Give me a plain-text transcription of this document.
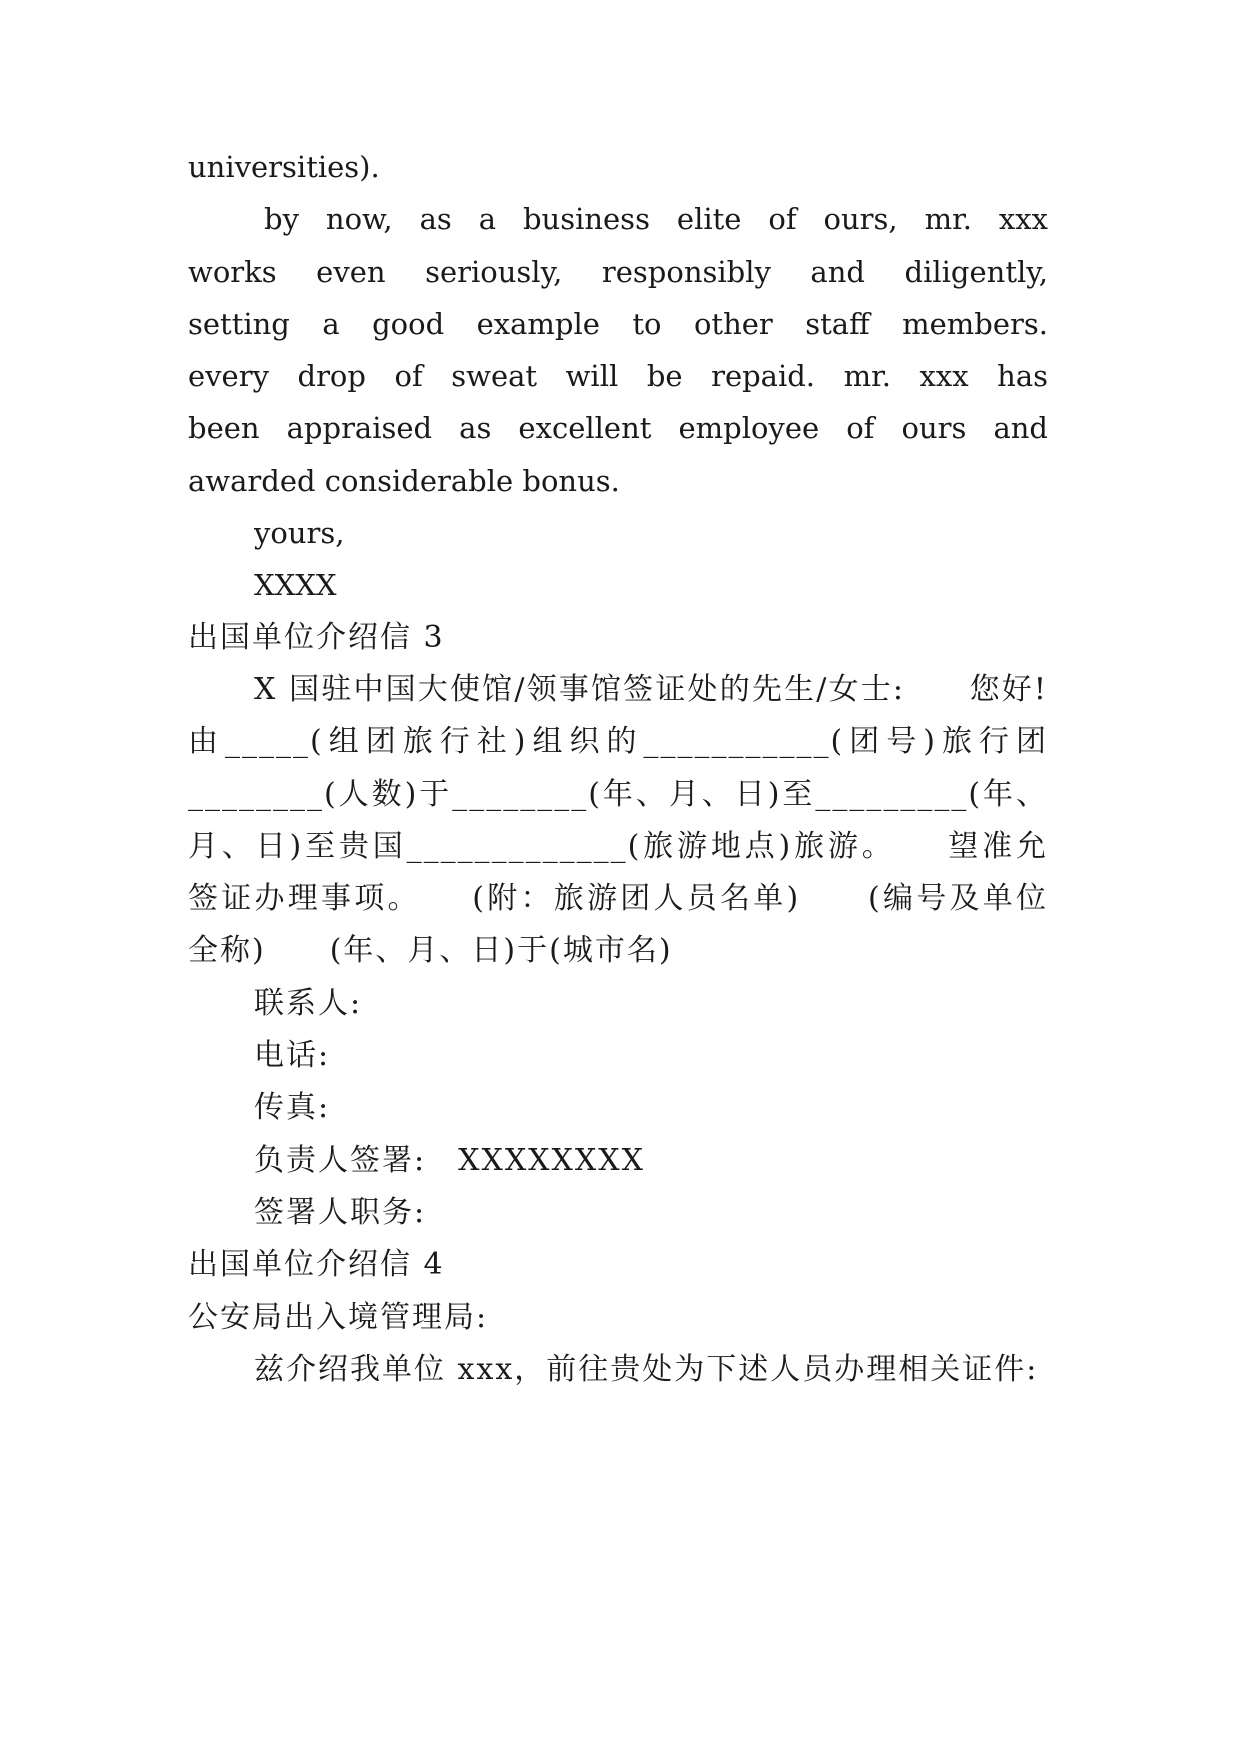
universities).
by now, as a business elite of ours, mr. xxx
works even seriously, responsibly and diligently,
setting a good example to other staff members.
every drop of sweat will be repaid. mr. xxx has
been appraised as excellent employee of ours and
awarded considerable bonus.
yours,
XXXX
出国单位介绍信 3
X 国驻中国大使馆/领事馆签证处的先生/女士:　　您好!
由_____(组团旅行社)组织的___________(团号)旅行团
________(人数)于________(年、月、日)至_________(年、
月、日)至贵国_____________(旅游地点)旅游。　　望准允
签证办理事项。　　(附：旅游团人员名单)　　(编号及单位
全称)　　(年、月、日)于(城市名)
联系人:
电话:
传真:
负责人签署:　XXXXXXXX
签署人职务:
出国单位介绍信 4
公安局出入境管理局:
兹介绍我单位 xxx，前往贵处为下述人员办理相关证件:
